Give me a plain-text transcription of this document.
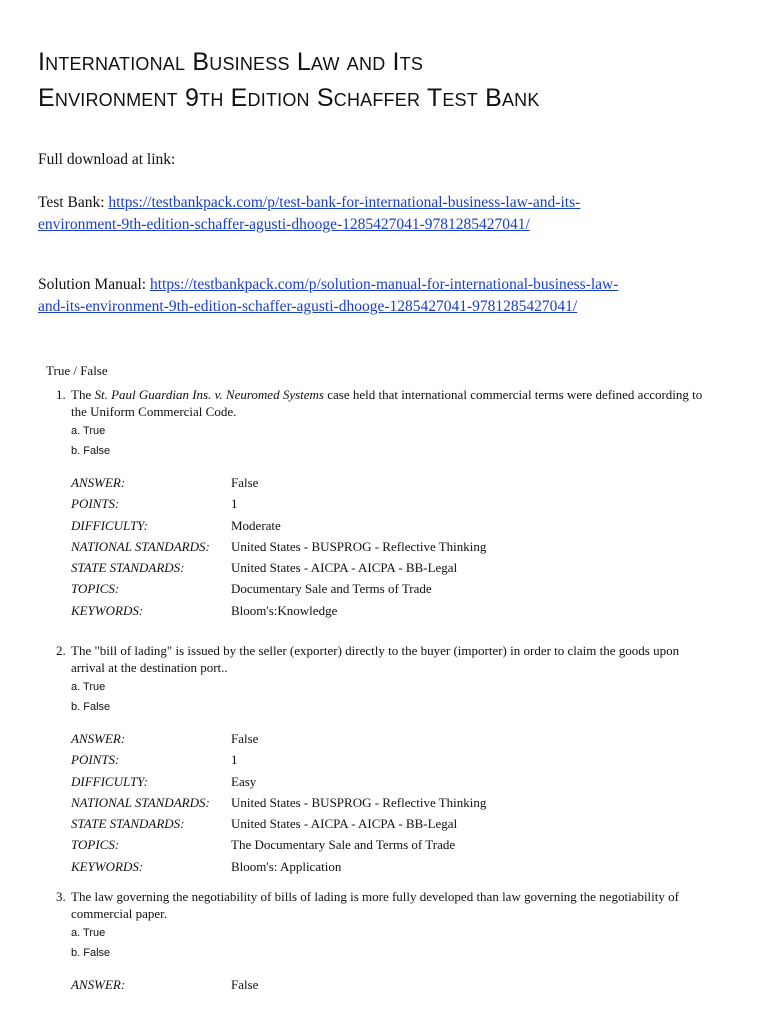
International Business Law and Its
Environment 9th Edition Schaffer Test Bank

Full download at link:

Test Bank: https://testbankpack.com/p/test-bank-for-international-business-law-and-its-
environment-9th-edition-schaffer-agusti-dhooge-1285427041-9781285427041/

Solution Manual: https://testbankpack.com/p/solution-manual-for-international-business-law-
and-its-environment-9th-edition-schaffer-agusti-dhooge-1285427041-9781285427041/

True / False
1. The St. Paul Guardian Ins. v. Neuromed Systems case held that international commercial terms were defined according to the Uniform Commercial Code.
a. True
b. False
ANSWER:	False
POINTS:	1
DIFFICULTY:	Moderate
NATIONAL STANDARDS: United States - BUSPROG - Reflective Thinking
STATE STANDARDS:	United States - AICPA - AICPA - BB-Legal
TOPICS:	Documentary Sale and Terms of Trade
KEYWORDS:	Bloom's:Knowledge
2. The "bill of lading" is issued by the seller (exporter) directly to the buyer (importer) in order to claim the goods upon arrival at the destination port..
a. True
b. False
ANSWER:	False
POINTS:	1
DIFFICULTY:	Easy
NATIONAL STANDARDS: United States - BUSPROG - Reflective Thinking
STATE STANDARDS:	United States - AICPA - AICPA - BB-Legal
TOPICS:	The Documentary Sale and Terms of Trade
KEYWORDS:	Bloom's: Application
3. The law governing the negotiability of bills of lading is more fully developed than law governing the negotiability of commercial paper.
a. True
b. False
ANSWER:	False
